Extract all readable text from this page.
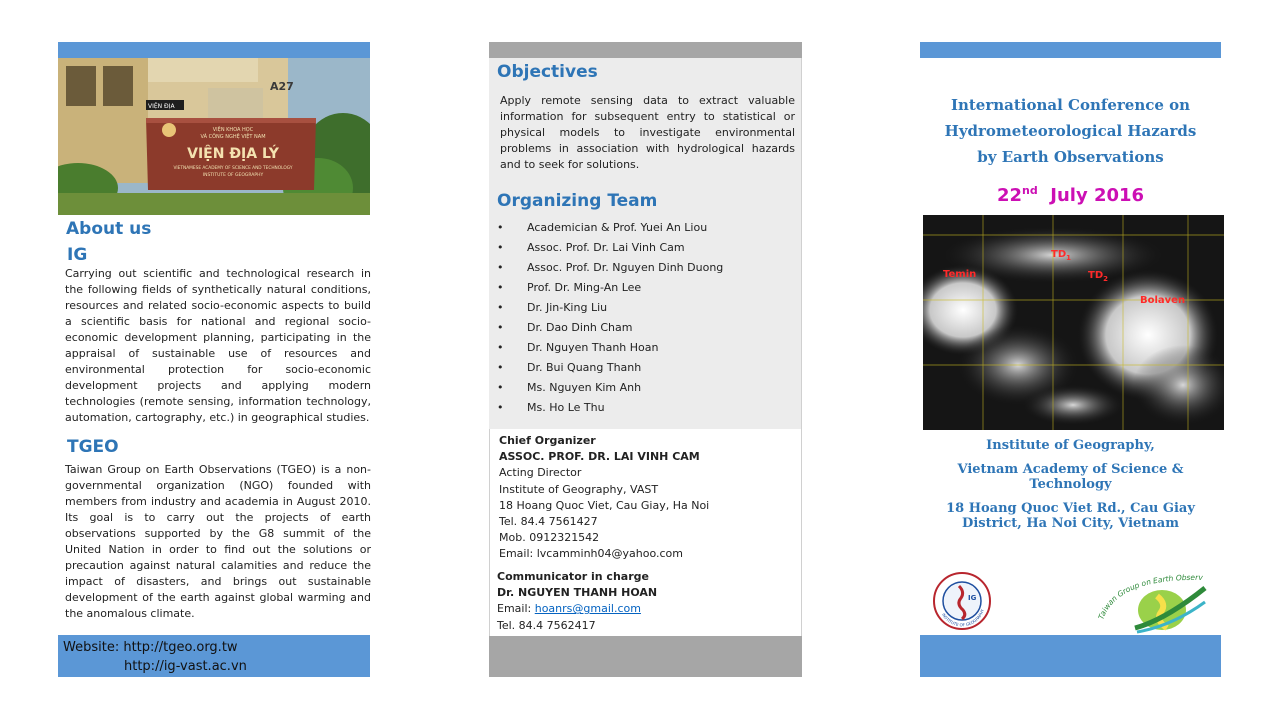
A27
VIỆN ĐỊA
VIỆN KHOA HỌC
VÀ CÔNG NGHỆ VIỆT NAM
VIỆN ĐỊA LÝ
VIETNAMESE ACADEMY OF SCIENCE AND TECHNOLOGY
INSTITUTE OF GEOGRAPHY
About us
IG
Carrying out scientific and technological research in the following fields of synthetically natural conditions, resources and related socio-economic aspects to build a scientific basis for national and regional socio-economic development planning, participating in the appraisal of sustainable use of resources and environmental protection for socio-economic development projects and applying modern technologies (remote sensing, information technology, automation, cartography, etc.) in geographical studies.
TGEO
Taiwan Group on Earth Observations (TGEO) is a non-governmental organization (NGO) founded with members from industry and academia in August 2010. Its goal is to carry out the projects of earth observations supported by the G8 summit of the United Nation in order to find out the solutions or precaution against natural calamities and reduce the impact of disasters, and brings out sustainable development of the earth against global warming and the anomalous climate.
Website: http://tgeo.org.tw
http://ig-vast.ac.vn
Objectives
Apply remote sensing data to extract valuable information for subsequent entry to statistical or physical models to investigate environmental problems in association with hydrological hazards and to seek for solutions.
Organizing Team
• Academician & Prof. Yuei An Liou
• Assoc. Prof. Dr. Lai Vinh Cam
• Assoc. Prof. Dr. Nguyen Dinh Duong
• Prof. Dr. Ming-An Lee
• Dr. Jin-King Liu
• Dr. Dao Dinh Cham
• Dr. Nguyen Thanh Hoan
• Dr. Bui Quang Thanh
• Ms. Nguyen Kim Anh
• Ms. Ho Le Thu
Chief Organizer
ASSOC. PROF. DR. LAI VINH CAM
Acting Director
Institute of Geography, VAST
18 Hoang Quoc Viet, Cau Giay, Ha Noi
Tel. 84.4 7561427
Mob. 0912321542
Email: lvcamminh04@yahoo.com
Communicator in charge
Dr. NGUYEN THANH HOAN
Email: hoanrs@gmail.com
Tel. 84.4 7562417
International Conference on
Hydrometeorological Hazards
by Earth Observations
22nd July 2016
Temin
$TD_1$
$TD_2$
Bolaven
Institute of Geography,
Vietnam Academy of Science &
Technology
18 Hoang Quoc Viet Rd., Cau Giay
District, Ha Noi City, Vietnam
IG
INSTITUTE OF GEOGRAPHY
Taiwan Group on Earth Observ
